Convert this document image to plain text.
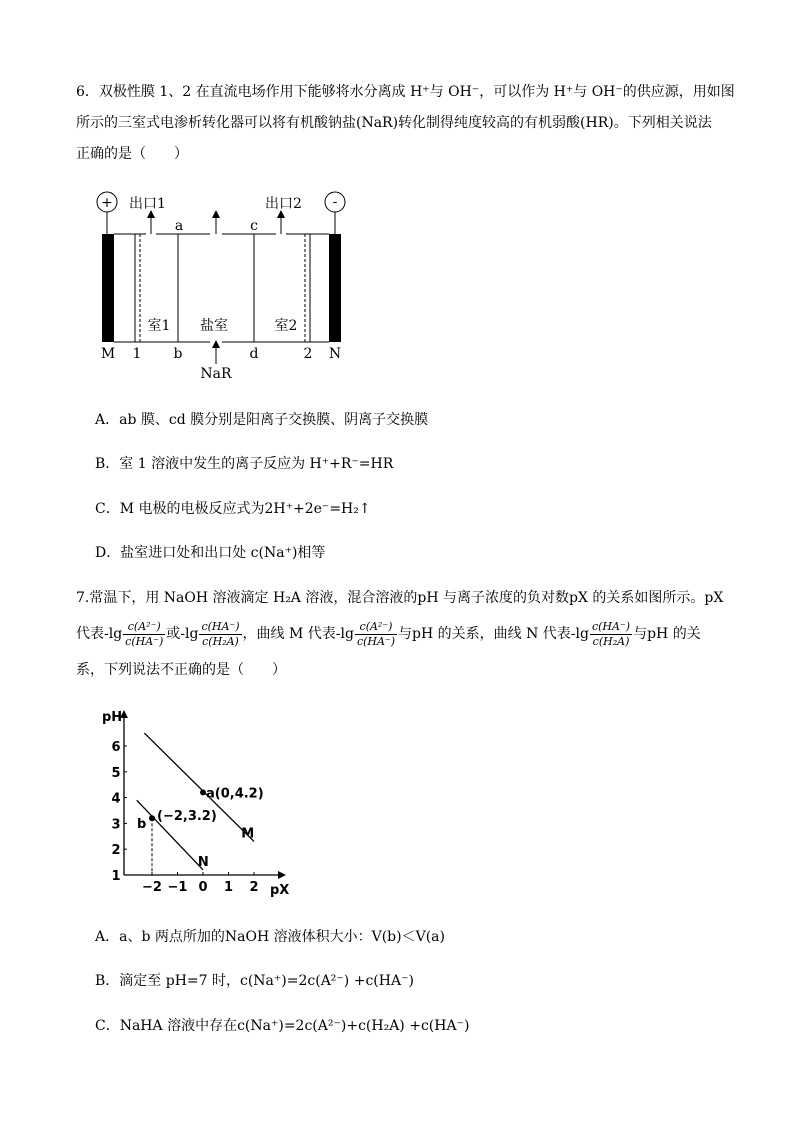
6．双极性膜 1、2 在直流电场作用下能够将水分离成 H⁺与 OH⁻，可以作为 H⁺与 OH⁻的供应源，用如图
所示的三室式电渗析转化器可以将有机酸钠盐(NaR)转化制得纯度较高的有机弱酸(HR)。下列相关说法
正确的是（　　）
+	-
出口1	出口2
a	c
室1 盐室	室2
M 1 b	d	2 N
NaR
A．ab 膜、cd 膜分别是阳离子交换膜、阴离子交换膜
B．室 1 溶液中发生的离子反应为 H⁺+R⁻=HR
C．M 电极的电极反应式为2H⁺+2e⁻=H₂↑
D．盐室进口处和出口处 c(Na⁺)相等
7.常温下，用 NaOH 溶液滴定 H₂A 溶液，混合溶液的pH 与离子浓度的负对数pX 的关系如图所示。pX
代表$-\lg \frac{\text{c(A²⁻)}}{c(HA^-)}$ 或$-\lg \frac{c(HA^-)}{\text{c(H₂A)}}$ ，曲线 M 代表$-\lg \frac{\text{c(A²⁻)}}{c(HA^-)}$ 与pH 的关系，曲线 N 代表$-\lg \frac{c(HA^-)}{\text{c(H₂A)}}$ 与pH 的关
系，下列说法不正确的是（　　）
pH
pX
1
2
3
4
5
6
−2 −1 0 1 2
M
N
a(0,4.2)
b
(−2,3.2)
A．a、b 两点所加的NaOH 溶液体积大小：V(b)＜V(a)
B．滴定至 pH=7 时，c(Na⁺)=2c(A²⁻) +c(HA⁻)
C．NaHA 溶液中存在c(Na⁺)=2c(A²⁻)+c(H₂A) +c(HA⁻)
